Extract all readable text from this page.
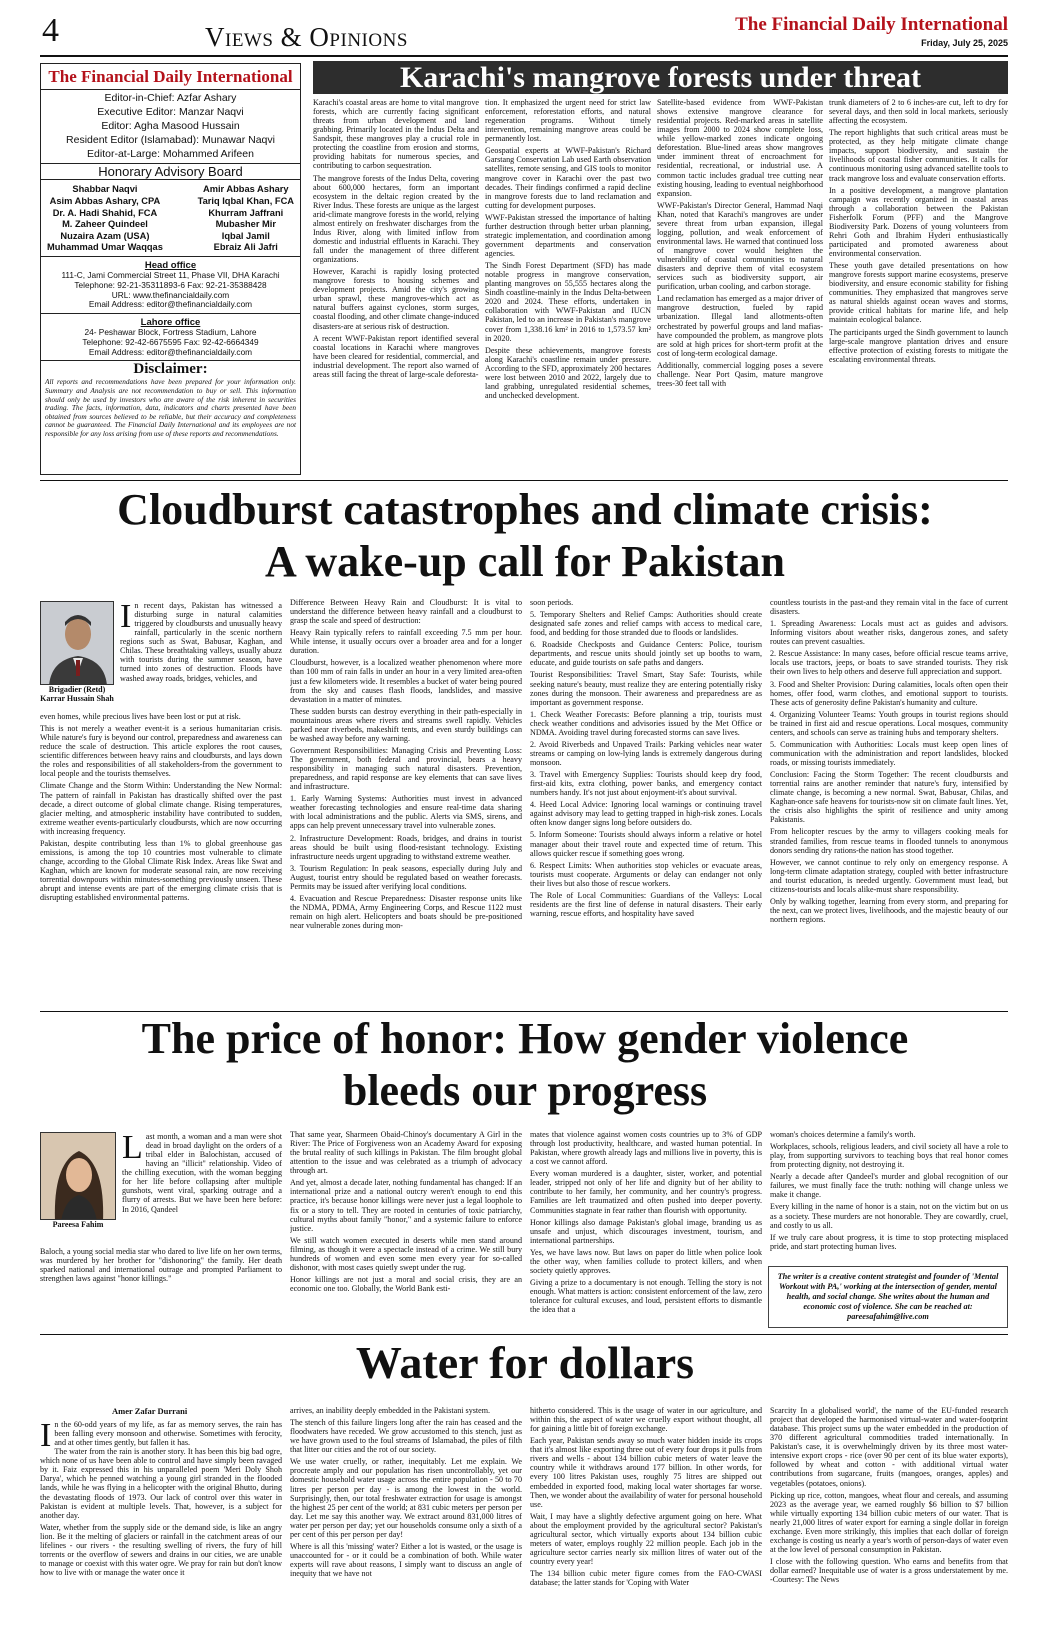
4	Views & Opinions	The Financial Daily International
Friday, July 25, 2025
The Financial Daily International
Editor-in-Chief: Azfar Ashary
Executive Editor: Manzar Naqvi
Editor: Agha Masood Hussain
Resident Editor (Islamabad): Munawar Naqvi
Editor-at-Large: Mohammed Arifeen
Honorary Advisory Board
Shabbar Naqvi
Asim Abbas Ashary, CPA
Dr. A. Hadi Shahid, FCA
M. Zaheer Quindeel
Nuzaira Azam (USA)
Muhammad Umar Waqqas
Amir Abbas Ashary
Tariq Iqbal Khan, FCA
Khurram Jaffrani
Mubasher Mir
Iqbal Jamil
Ebraiz Ali Jafri
Head office
111-C, Jami Commercial Street 11, Phase VII, DHA Karachi
Telephone: 92-21-35311893-6 Fax: 92-21-35388428
URL: www.thefinancialdaily.com
Email Address: editor@thefinancialdaily.com
Lahore office
24- Peshawar Block, Fortress Stadium, Lahore
Telephone: 92-42-6675595 Fax: 92-42-6664349
Email Address: editor@thefinancialdaily.com
Disclaimer:
All reports and recommendations have been prepared for your information only. Summary and Analysis are not recommendation to buy or sell. This information should only be used by investors who are aware of the risk inherent in securities trading. The facts, information, data, indicators and charts presented have been obtained from sources believed to be reliable, but their accuracy and completeness cannot be guaranteed. The Financial Daily International and its employees are not responsible for any loss arising from use of these reports and recommendations.
Karachi's mangrove forests under threat

Karachi's coastal areas are home to vital mangrove forests, which are currently facing significant threats from urban development and land grabbing. Primarily located in the Indus Delta and Sandspit, these mangroves play a crucial role in protecting the coastline from erosion and storms, providing habitats for numerous species, and contributing to carbon sequestration.

The mangrove forests of the Indus Delta, covering about 600,000 hectares, form an important ecosystem in the deltaic region created by the River Indus. These forests are unique as the largest arid-climate mangrove forests in the world, relying almost entirely on freshwater discharges from the Indus River, along with limited inflow from domestic and industrial effluents in Karachi. They fall under the management of three different organizations.

However, Karachi is rapidly losing protected mangrove forests to housing schemes and development projects. Amid the city's growing urban sprawl, these mangroves-which act as natural buffers against cyclones, storm surges, coastal flooding, and other climate change-induced disasters-are at serious risk of destruction.

A recent WWF-Pakistan report identified several coastal locations in Karachi where mangroves have been cleared for residential, commercial, and industrial development. The report also warned of areas still facing the threat of large-scale deforesta-

tion. It emphasized the urgent need for strict law enforcement, reforestation efforts, and natural regeneration programs. Without timely intervention, remaining mangrove areas could be permanently lost.

Geospatial experts at WWF-Pakistan's Richard Garstang Conservation Lab used Earth observation satellites, remote sensing, and GIS tools to monitor mangrove cover in Karachi over the past two decades. Their findings confirmed a rapid decline in mangrove forests due to land reclamation and cutting for development purposes.

WWF-Pakistan stressed the importance of halting further destruction through better urban planning, strategic implementation, and coordination among government departments and conservation agencies.

The Sindh Forest Department (SFD) has made notable progress in mangrove conservation, planting mangroves on 55,555 hectares along the Sindh coastline-mainly in the Indus Delta-between 2020 and 2024. These efforts, undertaken in collaboration with WWF-Pakistan and IUCN Pakistan, led to an increase in Pakistan's mangrove cover from 1,338.16 km² in 2016 to 1,573.57 km² in 2020.

Despite these achievements, mangrove forests along Karachi's coastline remain under pressure. According to the SFD, approximately 200 hectares were lost between 2010 and 2022, largely due to land grabbing, unregulated residential schemes, and unchecked development.

Satellite-based evidence from WWF-Pakistan shows extensive mangrove clearance for residential projects. Red-marked areas in satellite images from 2000 to 2024 show complete loss, while yellow-marked zones indicate ongoing deforestation. Blue-lined areas show mangroves under imminent threat of encroachment for residential, recreational, or industrial use. A common tactic includes gradual tree cutting near existing housing, leading to eventual neighborhood expansion.

WWF-Pakistan's Director General, Hammad Naqi Khan, noted that Karachi's mangroves are under severe threat from urban expansion, illegal logging, pollution, and weak enforcement of environmental laws. He warned that continued loss of mangrove cover would heighten the vulnerability of coastal communities to natural disasters and deprive them of vital ecosystem services such as biodiversity support, air purification, urban cooling, and carbon storage.

Land reclamation has emerged as a major driver of mangrove destruction, fueled by rapid urbanization. Illegal land allotments-often orchestrated by powerful groups and land mafias-have compounded the problem, as mangrove plots are sold at high prices for short-term profit at the cost of long-term ecological damage.

Additionally, commercial logging poses a severe challenge. Near Port Qasim, mature mangrove trees-30 feet tall with

trunk diameters of 2 to 6 inches-are cut, left to dry for several days, and then sold in local markets, seriously affecting the ecosystem.

The report highlights that such critical areas must be protected, as they help mitigate climate change impacts, support biodiversity, and sustain the livelihoods of coastal fisher communities. It calls for continuous monitoring using advanced satellite tools to track mangrove loss and evaluate conservation efforts.

In a positive development, a mangrove plantation campaign was recently organized in coastal areas through a collaboration between the Pakistan Fisherfolk Forum (PFF) and the Mangrove Biodiversity Park. Dozens of young volunteers from Rehri Goth and Ibrahim Hyderi enthusiastically participated and promoted awareness about environmental conservation.

These youth gave detailed presentations on how mangrove forests support marine ecosystems, preserve biodiversity, and ensure economic stability for fishing communities. They emphasized that mangroves serve as natural shields against ocean waves and storms, provide critical habitats for marine life, and help maintain ecological balance.

The participants urged the Sindh government to launch large-scale mangrove plantation drives and ensure effective protection of existing forests to mitigate the escalating environmental threats.

Cloudburst catastrophes and climate crisis:
A wake-up call for Pakistan
Brigadier (Retd) Karrar Hussain Shah

In recent days, Pakistan has witnessed a disturbing surge in natural calamities triggered by cloudbursts and unusually heavy rainfall, particularly in the scenic northern regions such as Swat, Babusar, Kaghan, and Chilas. These breathtaking valleys, usually abuzz with tourists during the summer season, have turned into zones of destruction. Floods have washed away roads, bridges, vehicles, and

even homes, while precious lives have been lost or put at risk.

This is not merely a weather event-it is a serious humanitarian crisis. While nature's fury is beyond our control, preparedness and awareness can reduce the scale of destruction. This article explores the root causes, scientific differences between heavy rains and cloudbursts, and lays down the roles and responsibilities of all stakeholders-from the government to local people and the tourists themselves.

Climate Change and the Storm Within: Understanding the New Normal: The pattern of rainfall in Pakistan has drastically shifted over the past decade, a direct outcome of global climate change. Rising temperatures, glacier melting, and atmospheric instability have contributed to sudden, extreme weather events-particularly cloudbursts, which are now occurring with increasing frequency.

Pakistan, despite contributing less than 1% to global greenhouse gas emissions, is among the top 10 countries most vulnerable to climate change, according to the Global Climate Risk Index. Areas like Swat and Kaghan, which are known for moderate seasonal rain, are now receiving torrential downpours within minutes-something previously unseen. These abrupt and intense events are part of the emerging climate crisis that is disrupting established environmental patterns.

Difference Between Heavy Rain and Cloudburst: It is vital to understand the difference between heavy rainfall and a cloudburst to grasp the scale and speed of destruction:

Heavy Rain typically refers to rainfall exceeding 7.5 mm per hour. While intense, it usually occurs over a broader area and for a longer duration.

Cloudburst, however, is a localized weather phenomenon where more than 100 mm of rain falls in under an hour in a very limited area-often just a few kilometers wide. It resembles a bucket of water being poured from the sky and causes flash floods, landslides, and massive devastation in a matter of minutes.

These sudden bursts can destroy everything in their path-especially in mountainous areas where rivers and streams swell rapidly. Vehicles parked near riverbeds, makeshift tents, and even sturdy buildings can be washed away before any warning.

Government Responsibilities: Managing Crisis and Preventing Loss: The government, both federal and provincial, bears a heavy responsibility in managing such natural disasters. Prevention, preparedness, and rapid response are key elements that can save lives and infrastructure.

1. Early Warning Systems: Authorities must invest in advanced weather forecasting technologies and ensure real-time data sharing with local administrations and the public. Alerts via SMS, sirens, and apps can help prevent unnecessary travel into vulnerable zones.

2. Infrastructure Development: Roads, bridges, and drains in tourist areas should be built using flood-resistant technology. Existing infrastructure needs urgent upgrading to withstand extreme weather.

3. Tourism Regulation: In peak seasons, especially during July and August, tourist entry should be regulated based on weather forecasts. Permits may be issued after verifying local conditions.

4. Evacuation and Rescue Preparedness: Disaster response units like the NDMA, PDMA, Army Engineering Corps, and Rescue 1122 must remain on high alert. Helicopters and boats should be pre-positioned near vulnerable zones during mon-

soon periods.

5. Temporary Shelters and Relief Camps: Authorities should create designated safe zones and relief camps with access to medical care, food, and bedding for those stranded due to floods or landslides.

6. Roadside Checkposts and Guidance Centers: Police, tourism departments, and rescue units should jointly set up booths to warn, educate, and guide tourists on safe paths and dangers.

Tourist Responsibilities: Travel Smart, Stay Safe: Tourists, while seeking nature's beauty, must realize they are entering potentially risky zones during the monsoon. Their awareness and preparedness are as important as government response.

1. Check Weather Forecasts: Before planning a trip, tourists must check weather conditions and advisories issued by the Met Office or NDMA. Avoiding travel during forecasted storms can save lives.

2. Avoid Riverbeds and Unpaved Trails: Parking vehicles near water streams or camping on low-lying lands is extremely dangerous during monsoon.

3. Travel with Emergency Supplies: Tourists should keep dry food, first-aid kits, extra clothing, power banks, and emergency contact numbers handy. It's not just about enjoyment-it's about survival.

4. Heed Local Advice: Ignoring local warnings or continuing travel against advisory may lead to getting trapped in high-risk zones. Locals often know danger signs long before outsiders do.

5. Inform Someone: Tourists should always inform a relative or hotel manager about their travel route and expected time of return. This allows quicker rescue if something goes wrong.

6. Respect Limits: When authorities stop vehicles or evacuate areas, tourists must cooperate. Arguments or delay can endanger not only their lives but also those of rescue workers.

The Role of Local Communities: Guardians of the Valleys: Local residents are the first line of defense in natural disasters. Their early warning, rescue efforts, and hospitality have saved

countless tourists in the past-and they remain vital in the face of current disasters.

1. Spreading Awareness: Locals must act as guides and advisors. Informing visitors about weather risks, dangerous zones, and safety routes can prevent casualties.

2. Rescue Assistance: In many cases, before official rescue teams arrive, locals use tractors, jeeps, or boats to save stranded tourists. They risk their own lives to help others and deserve full appreciation and support.

3. Food and Shelter Provision: During calamities, locals often open their homes, offer food, warm clothes, and emotional support to tourists. These acts of generosity define Pakistan's humanity and culture.

4. Organizing Volunteer Teams: Youth groups in tourist regions should be trained in first aid and rescue operations. Local mosques, community centers, and schools can serve as training hubs and temporary shelters.

5. Communication with Authorities: Locals must keep open lines of communication with the administration and report landslides, blocked roads, or missing tourists immediately.

Conclusion: Facing the Storm Together: The recent cloudbursts and torrential rains are another reminder that nature's fury, intensified by climate change, is becoming a new normal. Swat, Babusar, Chilas, and Kaghan-once safe heavens for tourists-now sit on climate fault lines. Yet, the crisis also highlights the spirit of resilience and unity among Pakistanis.

From helicopter rescues by the army to villagers cooking meals for stranded families, from rescue teams in flooded tunnels to anonymous donors sending dry rations-the nation has stood together.

However, we cannot continue to rely only on emergency response. A long-term climate adaptation strategy, coupled with better infrastructure and tourist education, is needed urgently. Government must lead, but citizens-tourists and locals alike-must share responsibility.

Only by walking together, learning from every storm, and preparing for the next, can we protect lives, livelihoods, and the majestic beauty of our northern regions.

The price of honor: How gender violence
bleeds our progress
Pareesa Fahim

Last month, a woman and a man were shot dead in broad daylight on the orders of a tribal elder in Balochistan, accused of having an "illicit" relationship. Video of the chilling execution, with the woman begging for her life before collapsing after multiple gunshots, went viral, sparking outrage and a flurry of arrests. But we have been here before: In 2016, Qandeel

Baloch, a young social media star who dared to live life on her own terms, was murdered by her brother for "dishonoring" the family. Her death sparked national and international outrage and prompted Parliament to strengthen laws against "honor killings."

That same year, Sharmeen Obaid-Chinoy's documentary A Girl in the River: The Price of Forgiveness won an Academy Award for exposing the brutal reality of such killings in Pakistan. The film brought global attention to the issue and was celebrated as a triumph of advocacy through art.

And yet, almost a decade later, nothing fundamental has changed: If an international prize and a national outcry weren't enough to end this practice, it's because honor killings were never just a legal loophole to fix or a story to tell. They are rooted in centuries of toxic patriarchy, cultural myths about family "honor," and a systemic failure to enforce justice.

We still watch women executed in deserts while men stand around filming, as though it were a spectacle instead of a crime. We still bury hundreds of women and even some men every year for so-called dishonor, with most cases quietly swept under the rug.

Honor killings are not just a moral and social crisis, they are an economic one too. Globally, the World Bank esti-

mates that violence against women costs countries up to 3% of GDP through lost productivity, healthcare, and wasted human potential. In Pakistan, where growth already lags and millions live in poverty, this is a cost we cannot afford.

Every woman murdered is a daughter, sister, worker, and potential leader, stripped not only of her life and dignity but of her ability to contribute to her family, her community, and her country's progress. Families are left traumatized and often pushed into deeper poverty. Communities stagnate in fear rather than flourish with opportunity.

Honor killings also damage Pakistan's global image, branding us as unsafe and unjust, which discourages investment, tourism, and international partnerships.

Yes, we have laws now. But laws on paper do little when police look the other way, when families collude to protect killers, and when society quietly approves.

Giving a prize to a documentary is not enough. Telling the story is not enough. What matters is action: consistent enforcement of the law, zero tolerance for cultural excuses, and loud, persistent efforts to dismantle the idea that a

woman's choices determine a family's worth.

Workplaces, schools, religious leaders, and civil society all have a role to play, from supporting survivors to teaching boys that real honor comes from protecting dignity, not destroying it.

Nearly a decade after Qandeel's murder and global recognition of our failures, we must finally face the truth: nothing will change unless we make it change.

Every killing in the name of honor is a stain, not on the victim but on us as a society. These murders are not honorable. They are cowardly, cruel, and costly to us all.

If we truly care about progress, it is time to stop protecting misplaced pride, and start protecting human lives.

The writer is a creative content strategist and founder of 'Mental Workout with PA,' working at the intersection of gender, mental health, and social change. She writes about the human and economic cost of violence. She can be reached at: pareesafahim@live.com
Water for dollars
Amer Zafar Durrani

In the 60-odd years of my life, as far as memory serves, the rain has been falling every monsoon and otherwise. Sometimes with ferocity, and at other times gently, but fallen it has.

The water from the rain is another story. It has been this big bad ogre, which none of us have been able to control and have simply been ravaged by it. Faiz expressed this in his unparalleled poem 'Meri Doly Shoh Darya', which he penned watching a young girl stranded in the flooded lands, while he was flying in a helicopter with the original Bhutto, during the devastating floods of 1973. Our lack of control over this water in Pakistan is evident at multiple levels. That, however, is a subject for another day.

Water, whether from the supply side or the demand side, is like an angry lion. Be it the melting of glaciers or rainfall in the catchment areas of our lifelines - our rivers - the resulting swelling of rivers, the fury of hill torrents or the overflow of sewers and drains in our cities, we are unable to manage or coexist with this water ogre. We pray for rain but don't know how to live with or manage the water once it

arrives, an inability deeply embedded in the Pakistani system.

The stench of this failure lingers long after the rain has ceased and the floodwaters have receded. We grow accustomed to this stench, just as we have grown used to the foul streams of Islamabad, the piles of filth that litter our cities and the rot of our society.

We use water cruelly, or rather, inequitably. Let me explain. We procreate amply and our population has risen uncontrollably, yet our domestic household water usage across the entire population - 50 to 70 litres per person per day - is among the lowest in the world. Surprisingly, then, our total freshwater extraction for usage is amongst the highest 25 per cent of the world; at 831 cubic meters per person per day. Let me say this another way. We extract around 831,000 litres of water per person per day; yet our households consume only a sixth of a per cent of this per person per day!

Where is all this 'missing' water? Either a lot is wasted, or the usage is unaccounted for - or it could be a combination of both. While water experts will rave about reasons, I simply want to discuss an angle of inequity that we have not

hitherto considered. This is the usage of water in our agriculture, and within this, the aspect of water we cruelly export without thought, all for gaining a little bit of foreign exchange.

Each year, Pakistan sends away so much water hidden inside its crops that it's almost like exporting three out of every four drops it pulls from rivers and wells - about 134 billion cubic meters of water leave the country while it withdraws around 177 billion. In other words, for every 100 litres Pakistan uses, roughly 75 litres are shipped out embedded in exported food, making local water shortages far worse. Then, we wonder about the availability of water for personal household use.

Wait, I may have a slightly defective argument going on here. What about the employment provided by the agricultural sector? Pakistan's agricultural sector, which virtually exports about 134 billion cubic meters of water, employs roughly 22 million people. Each job in the agriculture sector carries nearly six million litres of water out of the country every year!

The 134 billion cubic meter figure comes from the FAO-CWASI database; the latter stands for 'Coping with Water

Scarcity In a globalised world', the name of the EU-funded research project that developed the harmonised virtual-water and water-footprint database. This project sums up the water embedded in the production of 370 different agricultural commodities traded internationally. In Pakistan's case, it is overwhelmingly driven by its three most water-intensive export crops - rice (over 90 per cent of its blue water exports), followed by wheat and cotton - with additional virtual water contributions from sugarcane, fruits (mangoes, oranges, apples) and vegetables (potatoes, onions).

Picking up rice, cotton, mangoes, wheat flour and cereals, and assuming 2023 as the average year, we earned roughly $6 billion to $7 billion while virtually exporting 134 billion cubic meters of our water. That is nearly 21,000 litres of water export for earning a single dollar in foreign exchange. Even more strikingly, this implies that each dollar of foreign exchange is costing us nearly a year's worth of person-days of water even at the low level of personal consumption in Pakistan.

I close with the following question. Who earns and benefits from that dollar earned? Inequitable use of water is a gross understatement by me. -Courtesy: The News
